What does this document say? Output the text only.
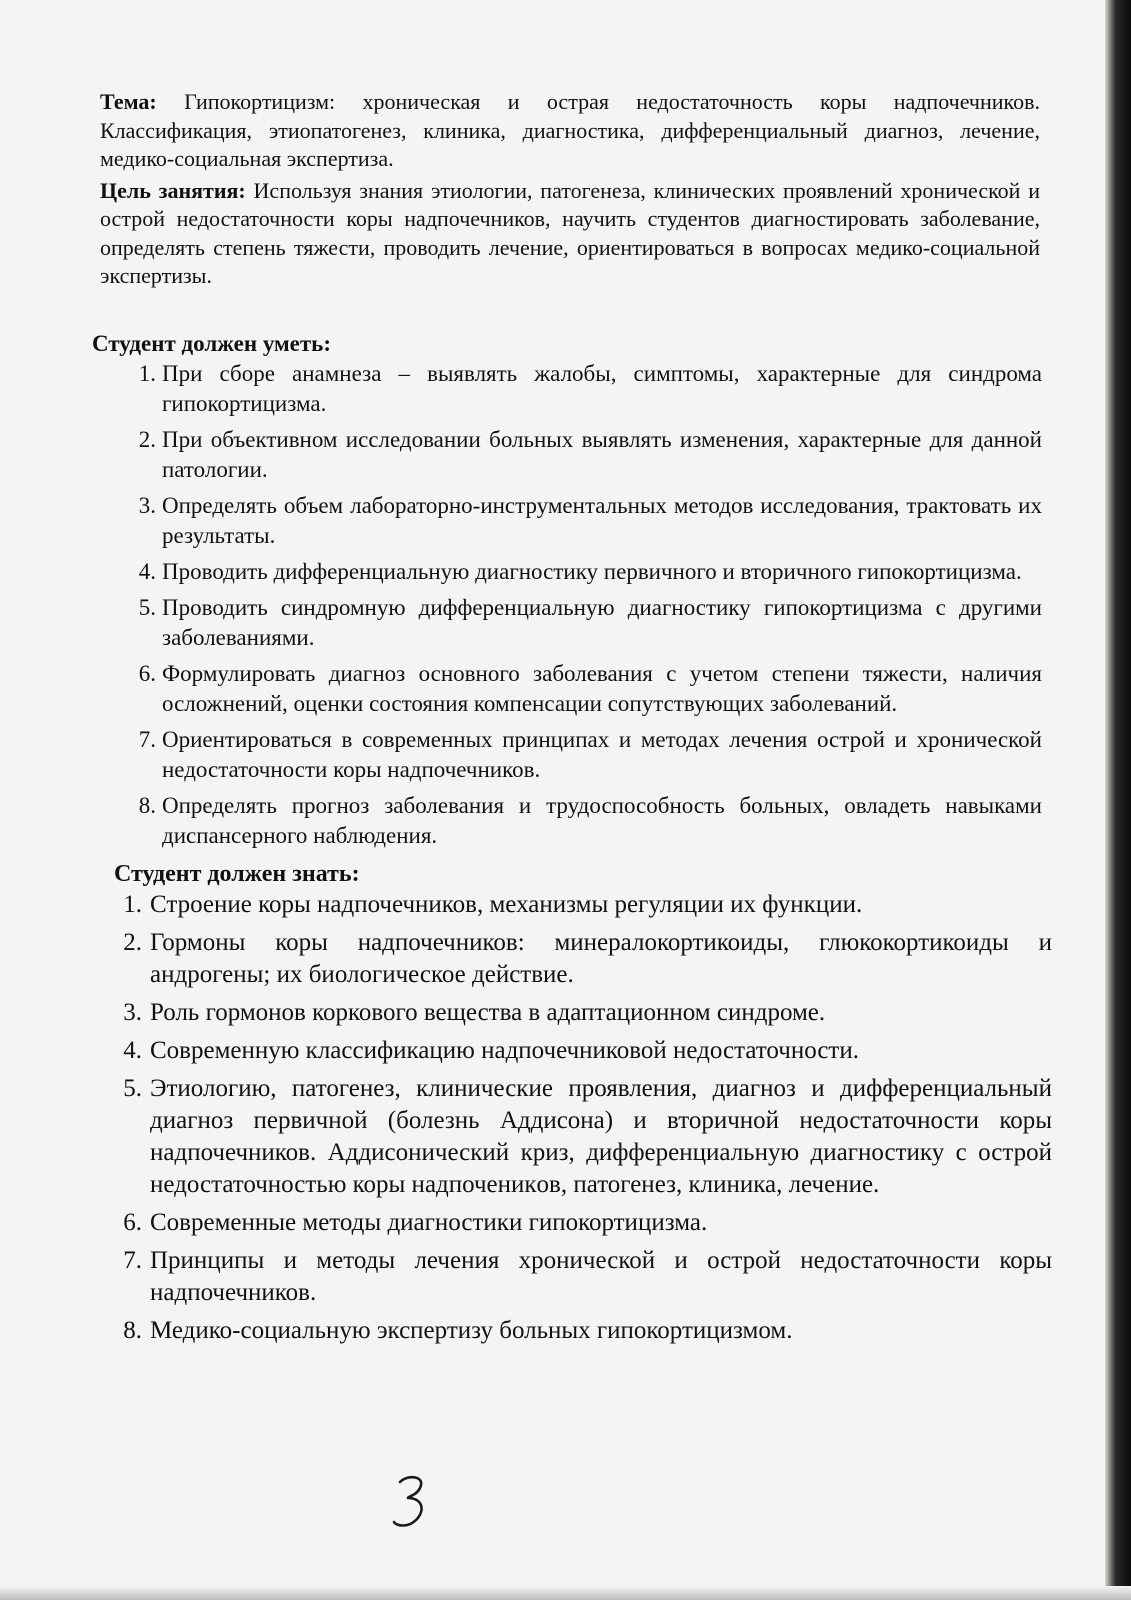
Тема: Гипокортицизм: хроническая и острая недостаточность коры надпочечников. Классификация, этиопатогенез, клиника, диагностика, дифференциальный диагноз, лечение, медико-социальная экспертиза.

Цель занятия: Используя знания этиологии, патогенеза, клинических проявлений хронической и острой недостаточности коры надпочечников, научить студентов диагностировать заболевание, определять степень тяжести, проводить лечение, ориентироваться в вопросах медико-социальной экспертизы.

Студент должен уметь:
1. При сборе анамнеза – выявлять жалобы, симптомы, характерные для синдрома гипокортицизма.
2. При объективном исследовании больных выявлять изменения, характерные для данной патологии.
3. Определять объем лабораторно-инструментальных методов исследования, трактовать их результаты.
4. Проводить дифференциальную диагностику первичного и вторичного гипокортицизма.
5. Проводить синдромную дифференциальную диагностику гипокортицизма с другими заболеваниями.
6. Формулировать диагноз основного заболевания с учетом степени тяжести, наличия осложнений, оценки состояния компенсации сопутствующих заболеваний.
7. Ориентироваться в современных принципах и методах лечения острой и хронической недостаточности коры надпочечников.
8. Определять прогноз заболевания и трудоспособность больных, овладеть навыками диспансерного наблюдения.
Студент должен знать:
1. Строение коры надпочечников, механизмы регуляции их функции.
2. Гормоны коры надпочечников: минералокортикоиды, глюкокортикоиды и андрогены; их биологическое действие.
3. Роль гормонов коркового вещества в адаптационном синдроме.
4. Современную классификацию надпочечниковой недостаточности.
5. Этиологию, патогенез, клинические проявления, диагноз и дифференциальный диагноз первичной (болезнь Аддисона) и вторичной недостаточности коры надпочечников. Аддисонический криз, дифференциальную диагностику с острой недостаточностью коры надпоченикoв, патогенез, клиника, лечение.
6. Современные методы диагностики гипокортицизма.
7. Принципы и методы лечения хронической и острой недостаточности коры надпочечников.
8. Медико-социальную экспертизу больных гипокортицизмом.
